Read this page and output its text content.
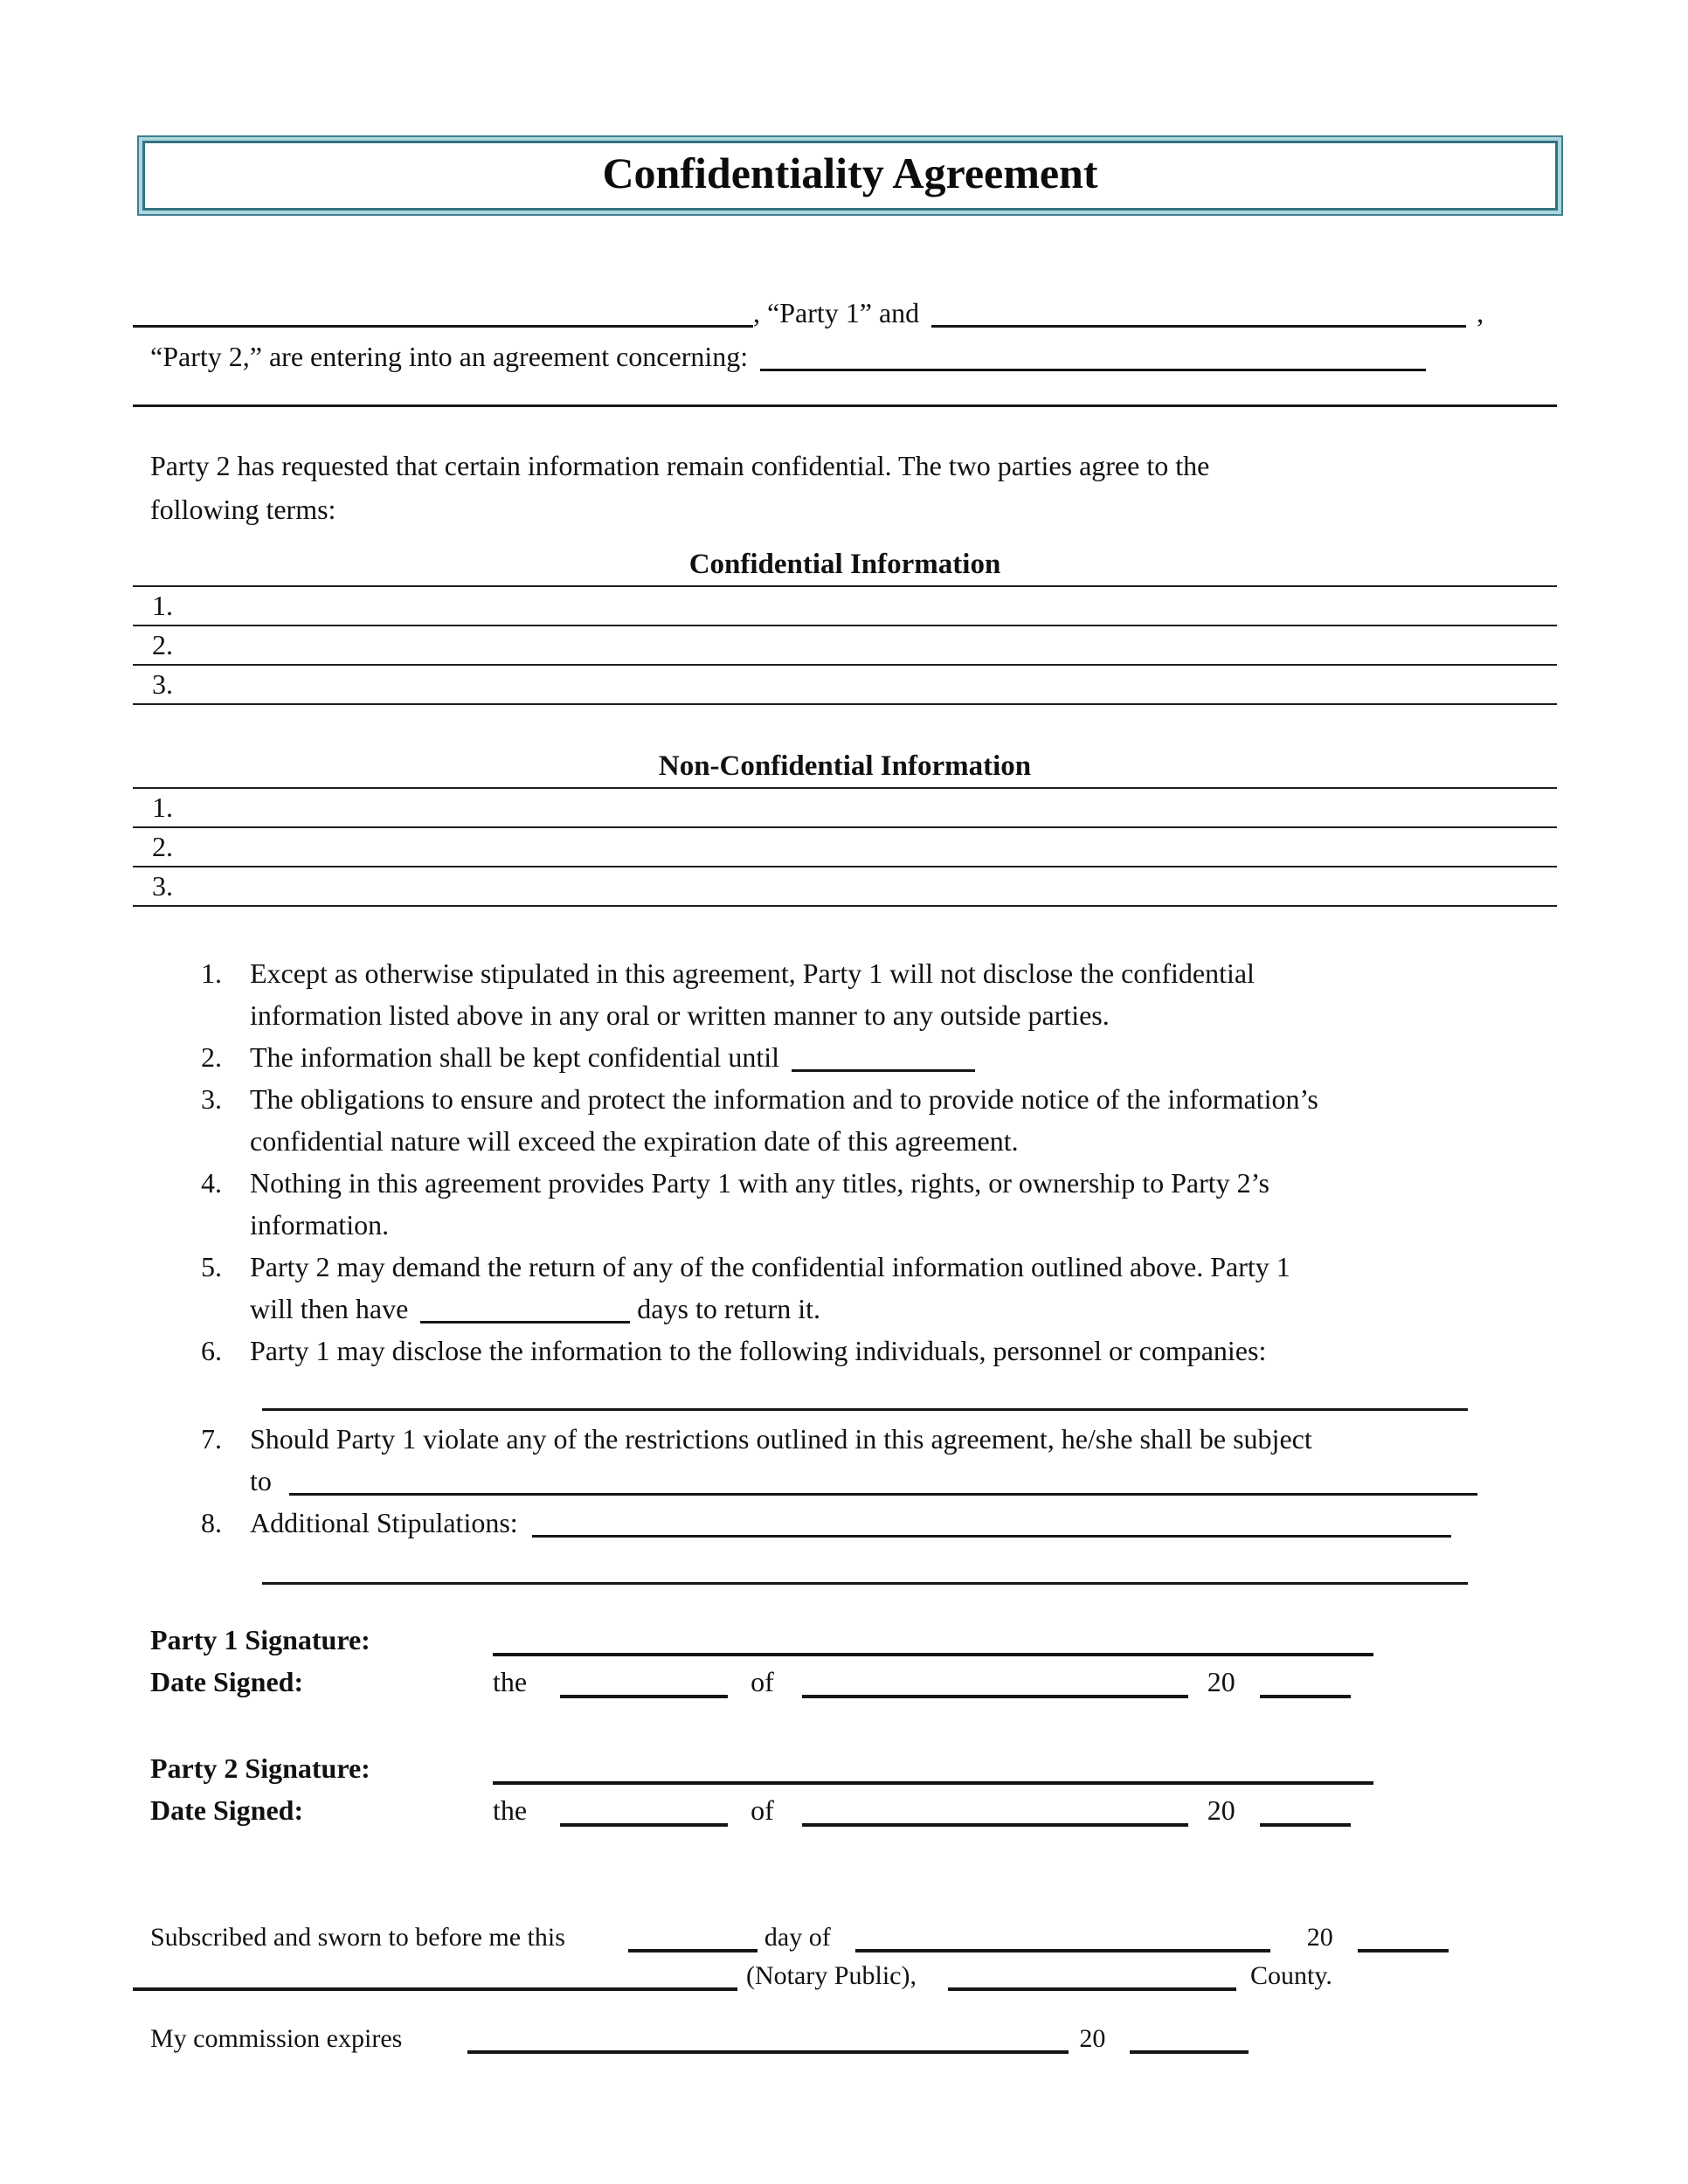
Confidentiality Agreement
, “Party 1” and	,
“Party 2,” are entering into an agreement concerning:

Party 2 has requested that certain information remain confidential. The two parties agree to the
following terms:

Confidential Information
1.
2.
3.
Non-Confidential Information
1.
2.
3.
1.	Except as otherwise stipulated in this agreement, Party 1 will not disclose the confidential
information listed above in any oral or written manner to any outside parties.
2.	The information shall be kept confidential until
3.	The obligations to ensure and protect the information and to provide notice of the information’s
confidential nature will exceed the expiration date of this agreement.
4.	Nothing in this agreement provides Party 1 with any titles, rights, or ownership to Party 2’s
information.
5.	Party 2 may demand the return of any of the confidential information outlined above. Party 1
will then have	days to return it.
6.	Party 1 may disclose the information to the following individuals, personnel or companies:
7.	Should Party 1 violate any of the restrictions outlined in this agreement, he/she shall be subject
to
8.	Additional Stipulations:
Party 1 Signature:
Date Signed:	the	of	20
Party 2 Signature:
Date Signed:	the	of	20
Subscribed and sworn to before me this	day of	20
(Notary Public),	County.
My commission expires	20
